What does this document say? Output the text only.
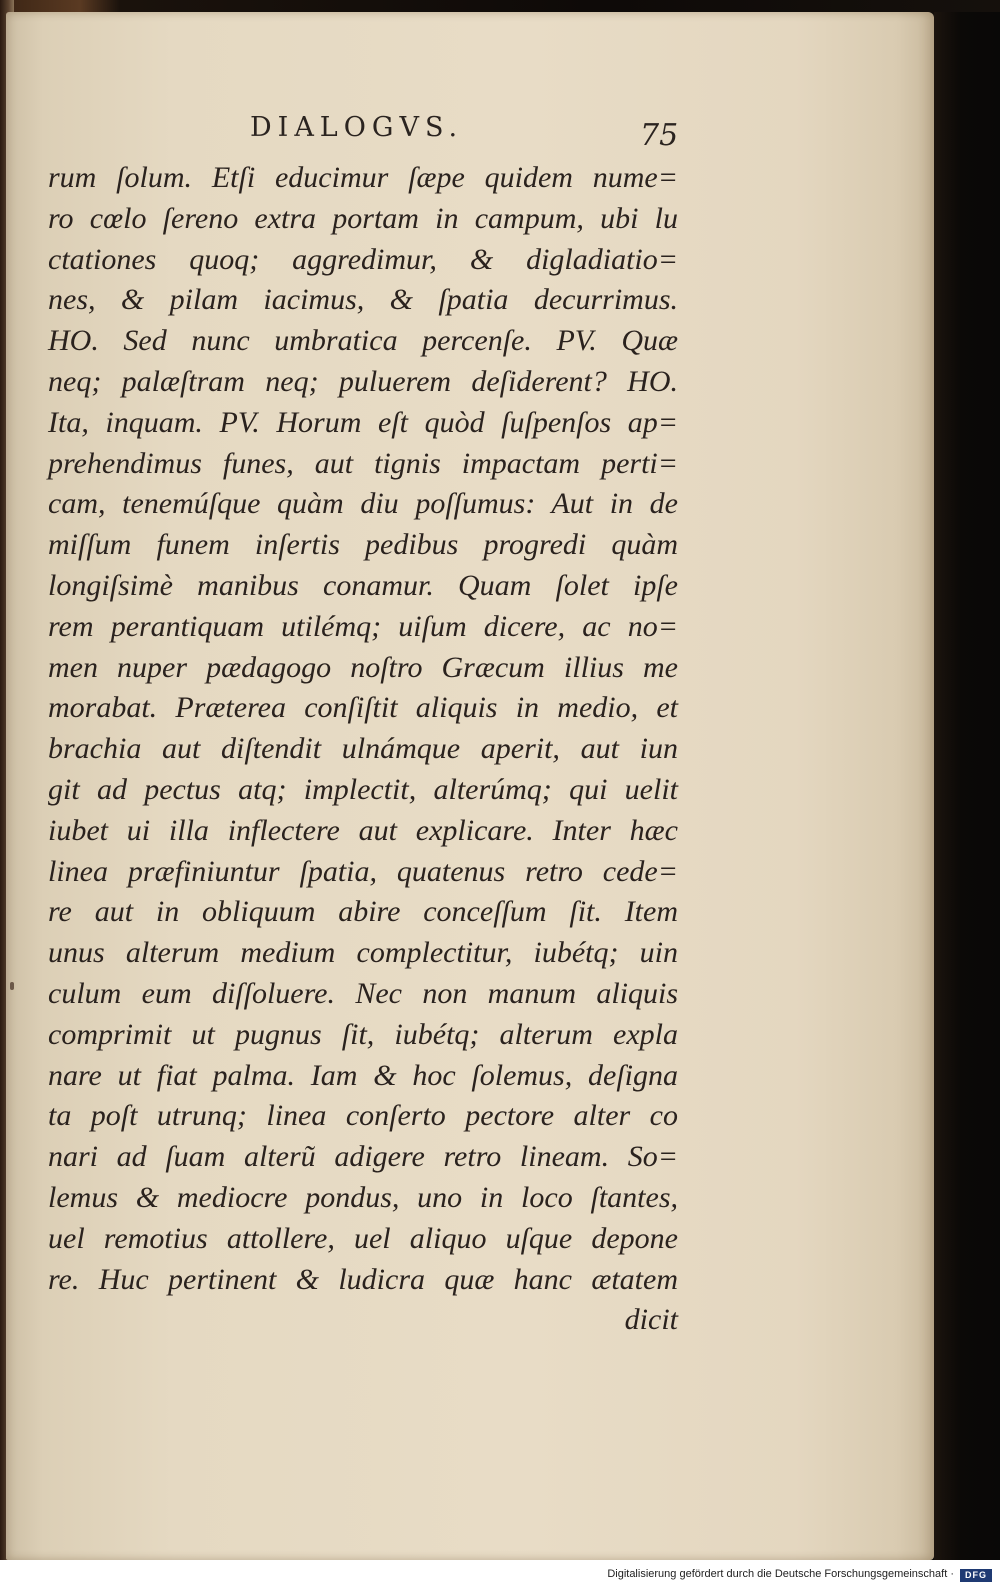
DIALOGVS.	75
rum ſolum. Etſi educimur ſæpe quidem nume=
ro cœlo ſereno extra portam in campum, ubi lu
ctationes quoq; aggredimur, & digladiatio=
nes, & pilam iacimus, & ſpatia decurrimus.
HO. Sed nunc umbratica percenſe. PV. Quæ
neq; palæſtram neq; puluerem deſiderent? HO.
Ita, inquam. PV. Horum eſt quòd ſuſpenſos ap=
prehendimus funes, aut tignis impactam perti=
cam, tenemúſque quàm diu poſſumus: Aut in de
miſſum funem inſertis pedibus progredi quàm
longiſsimè manibus conamur. Quam ſolet ipſe
rem perantiquam utilémq; uiſum dicere, ac no=
men nuper pædagogo noſtro Græcum illius me
morabat. Præterea conſiſtit aliquis in medio, et
brachia aut diſtendit ulnámque aperit, aut iun
git ad pectus atq; implectit, alterúmq; qui uelit
iubet ui illa inflectere aut explicare. Inter hæc
linea præfiniuntur ſpatia, quatenus retro cede=
re aut in obliquum abire conceſſum ſit. Item
unus alterum medium complectitur, iubétq; uin
culum eum diſſoluere. Nec non manum aliquis
comprimit ut pugnus ſit, iubétq; alterum expla
nare ut fiat palma. Iam & hoc ſolemus, deſigna
ta poſt utrunq; linea conſerto pectore alter co
nari ad ſuam alterũ adigere retro lineam. So=
lemus & mediocre pondus, uno in loco ſtantes,
uel remotius attollere, uel aliquo uſque depone
re. Huc pertinent & ludicra quæ hanc ætatem
dicit
Digitalisierung gefördert durch die Deutsche Forschungsgemeinschaft ·	DFG
